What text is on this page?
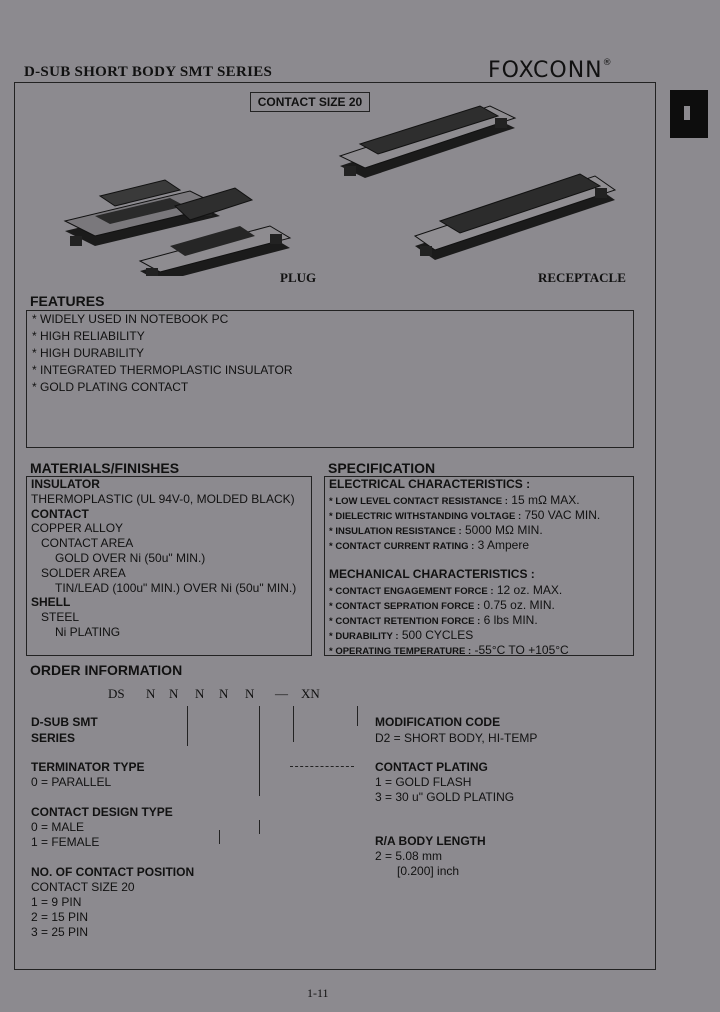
D-SUB SHORT BODY SMT SERIES	FOXCONN®
CONTACT SIZE 20
PLUG	RECEPTACLE
FEATURES
* WIDELY USED IN NOTEBOOK PC
* HIGH RELIABILITY
* HIGH DURABILITY
* INTEGRATED THERMOPLASTIC INSULATOR
* GOLD PLATING CONTACT
MATERIALS/FINISHES
INSULATOR
THERMOPLASTIC (UL 94V-0, MOLDED BLACK)
CONTACT
COPPER ALLOY
CONTACT AREA
GOLD OVER Ni (50u" MIN.)
SOLDER AREA
TIN/LEAD (100u" MIN.) OVER Ni (50u" MIN.)
SHELL
STEEL
Ni PLATING
SPECIFICATION
ELECTRICAL CHARACTERISTICS :
* LOW LEVEL CONTACT RESISTANCE : 15 mΩ MAX.
* DIELECTRIC WITHSTANDING VOLTAGE : 750 VAC MIN.
* INSULATION RESISTANCE : 5000 MΩ MIN.
* CONTACT CURRENT RATING : 3 Ampere
MECHANICAL CHARACTERISTICS :
* CONTACT ENGAGEMENT FORCE : 12 oz. MAX.
* CONTACT SEPRATION FORCE : 0.75 oz. MIN.
* CONTACT RETENTION FORCE : 6 lbs MIN.
* DURABILITY : 500 CYCLES
* OPERATING TEMPERATURE : -55°C TO +105°C
ORDER INFORMATION
DS N N N N N — XN
D-SUB SMT
SERIES
TERMINATOR TYPE
0 = PARALLEL
CONTACT DESIGN TYPE
0 = MALE
1 = FEMALE
NO. OF CONTACT POSITION
CONTACT SIZE 20
1 = 9 PIN
2 = 15 PIN
3 = 25 PIN
MODIFICATION CODE
D2 = SHORT BODY, HI-TEMP
CONTACT PLATING
1 = GOLD FLASH
3 = 30 u" GOLD PLATING
R/A BODY LENGTH
2 = 5.08 mm
[0.200] inch
1-11
